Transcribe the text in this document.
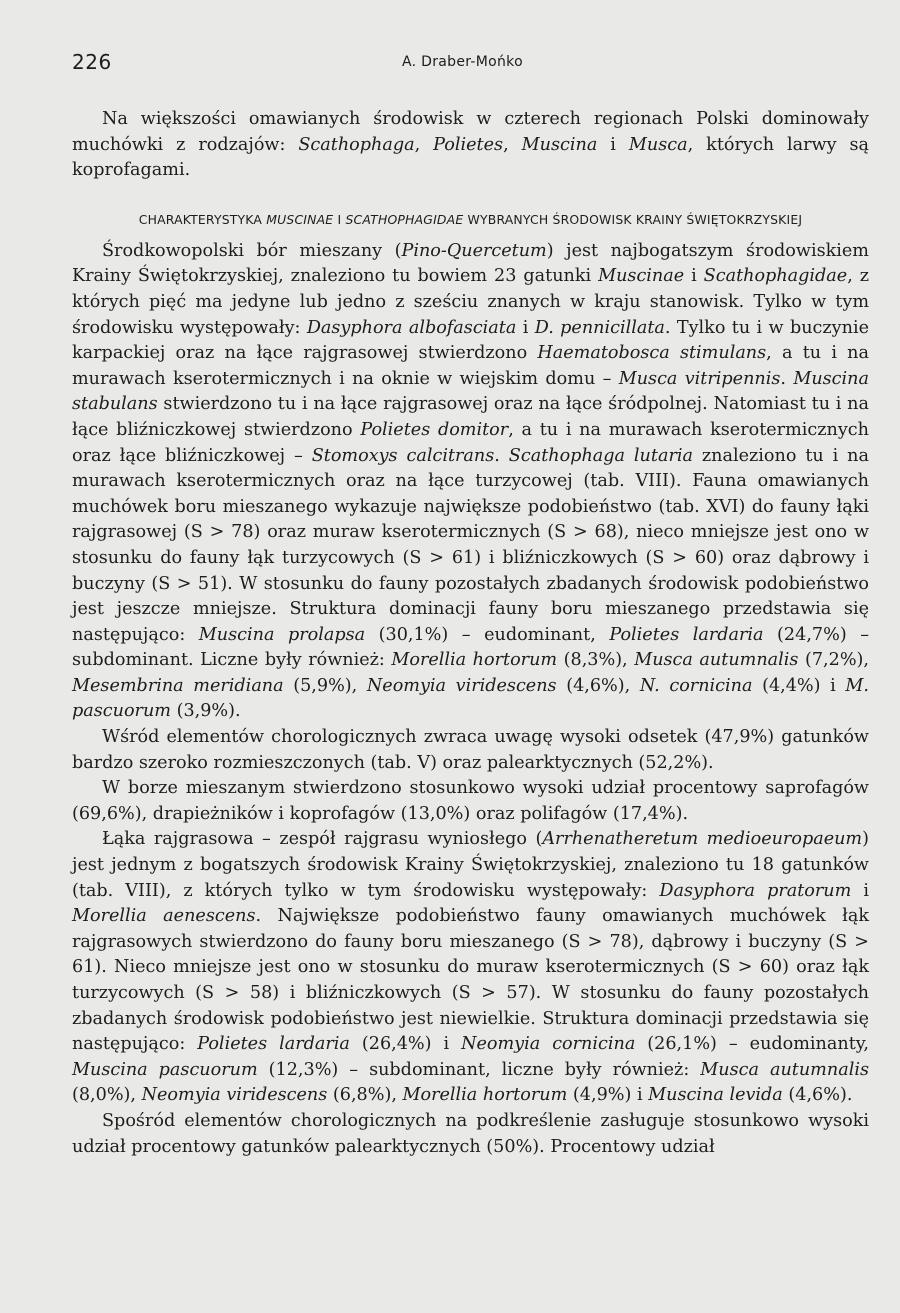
226	A. Draber-Mońko

Na większości omawianych środowisk w czterech regionach Polski dominowały muchówki z rodzajów: Scathophaga, Polietes, Muscina i Musca, których larwy są koprofagami.

CHARAKTERYSTYKA MUSCINAE I SCATHOPHAGIDAE WYBRANYCH ŚRODOWISK KRAINY ŚWIĘTOKRZYSKIEJ

Środkowopolski bór mieszany (Pino-Quercetum) jest najbogatszym środowiskiem Krainy Świętokrzyskiej, znaleziono tu bowiem 23 gatunki Muscinae i Scathophagidae, z których pięć ma jedyne lub jedno z sześciu znanych w kraju stanowisk. Tylko w tym środowisku występowały: Dasyphora albofasciata i D. pennicillata. Tylko tu i w buczynie karpackiej oraz na łące rajgrasowej stwierdzono Haematobosca stimulans, a tu i na murawach kserotermicznych i na oknie w wiejskim domu – Musca vitripennis. Muscina stabulans stwierdzono tu i na łące rajgrasowej oraz na łące śródpolnej. Natomiast tu i na łące bliźniczkowej stwierdzono Polietes domitor, a tu i na murawach kserotermicznych oraz łące bliźniczkowej – Stomoxys calcitrans. Scathophaga lutaria znaleziono tu i na murawach kserotermicznych oraz na łące turzycowej (tab. VIII). Fauna omawianych muchówek boru mieszanego wykazuje największe podobieństwo (tab. XVI) do fauny łąki rajgrasowej (S > 78) oraz muraw kserotermicznych (S > 68), nieco mniejsze jest ono w stosunku do fauny łąk turzycowych (S > 61) i bliźniczkowych (S > 60) oraz dąbrowy i buczyny (S > 51). W stosunku do fauny pozostałych zbadanych środowisk podobieństwo jest jeszcze mniejsze. Struktura dominacji fauny boru mieszanego przedstawia się następująco: Muscina prolapsa (30,1%) – eudominant, Polietes lardaria (24,7%) – subdominant. Liczne były również: Morellia hortorum (8,3%), Musca autumnalis (7,2%), Mesembrina meridiana (5,9%), Neomyia viridescens (4,6%), N. cornicina (4,4%) i M. pascuorum (3,9%).

Wśród elementów chorologicznych zwraca uwagę wysoki odsetek (47,9%) gatunków bardzo szeroko rozmieszczonych (tab. V) oraz palearktycznych (52,2%).

W borze mieszanym stwierdzono stosunkowo wysoki udział procentowy saprofagów (69,6%), drapieżników i koprofagów (13,0%) oraz polifagów (17,4%).

Łąka rajgrasowa – zespół rajgrasu wyniosłego (Arrhenatheretum medioeuropaeum) jest jednym z bogatszych środowisk Krainy Świętokrzyskiej, znaleziono tu 18 gatunków (tab. VIII), z których tylko w tym środowisku występowały: Dasyphora pratorum i Morellia aenescens. Największe podobieństwo fauny omawianych muchówek łąk rajgrasowych stwierdzono do fauny boru mieszanego (S > 78), dąbrowy i buczyny (S > 61). Nieco mniejsze jest ono w stosunku do muraw kserotermicznych (S > 60) oraz łąk turzycowych (S > 58) i bliźniczkowych (S > 57). W stosunku do fauny pozostałych zbadanych środowisk podobieństwo jest niewielkie. Struktura dominacji przedstawia się następująco: Polietes lardaria (26,4%) i Neomyia cornicina (26,1%) – eudominanty, Muscina pascuorum (12,3%) – subdominant, liczne były również: Musca autumnalis (8,0%), Neomyia viridescens (6,8%), Morellia hortorum (4,9%) i Muscina levida (4,6%).

Spośród elementów chorologicznych na podkreślenie zasługuje stosunkowo wysoki udział procentowy gatunków palearktycznych (50%). Procentowy udział
